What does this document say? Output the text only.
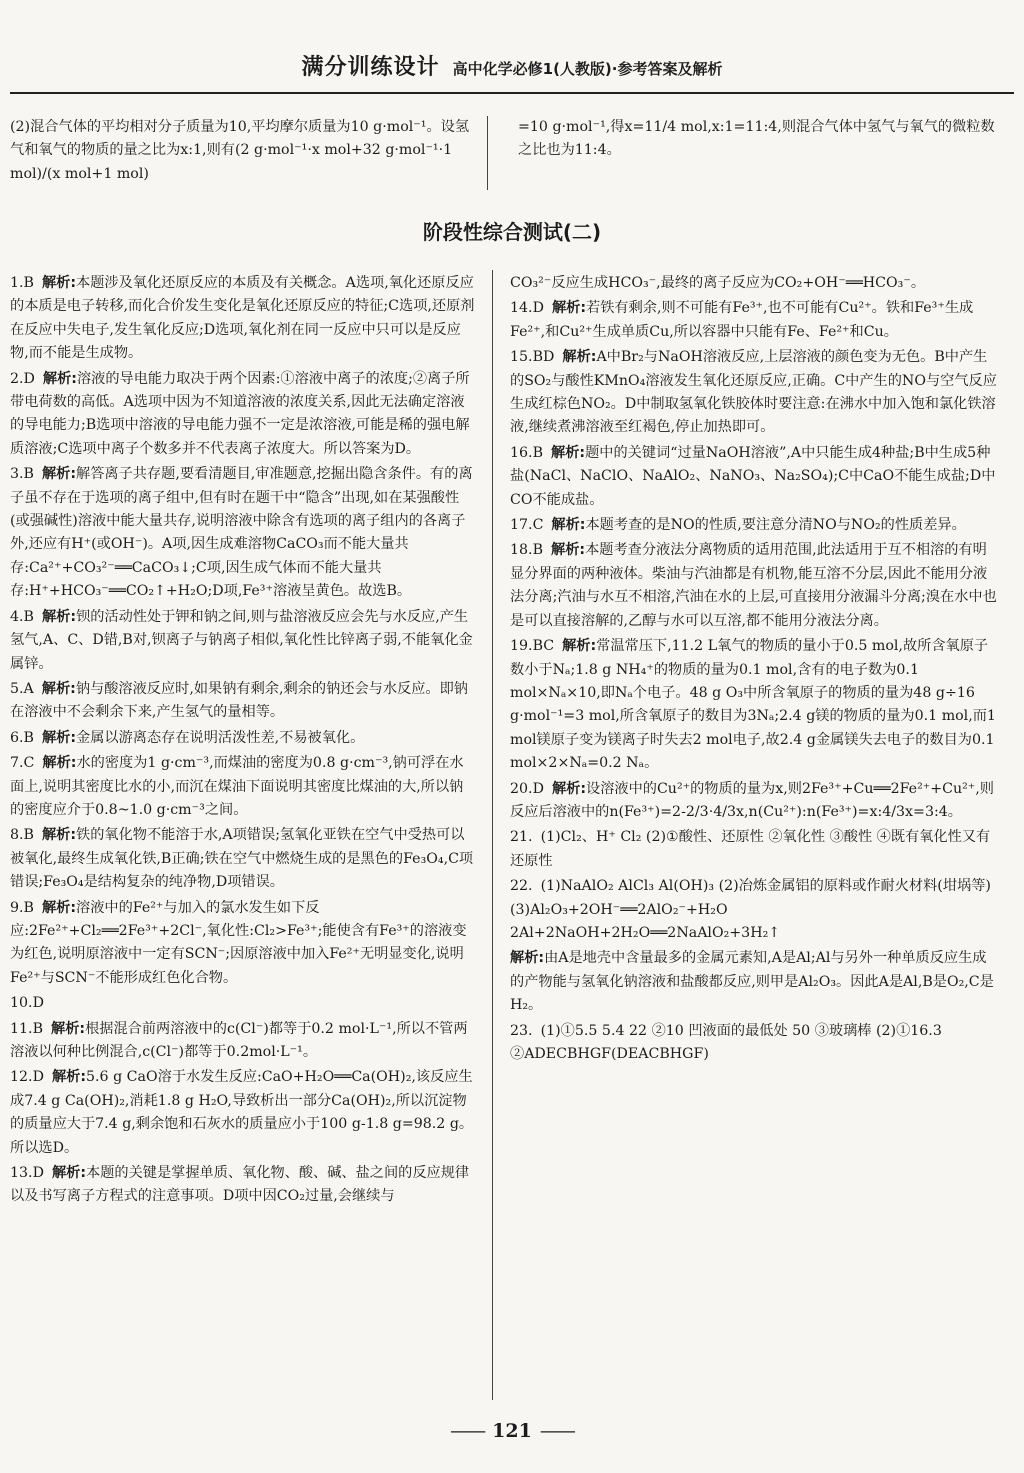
满分训练设计 高中化学必修1(人教版)·参考答案及解析

(2)混合气体的平均相对分子质量为10,平均摩尔质量为10 g·mol⁻¹。设氢气和氧气的物质的量之比为x:1,则有(2 g·mol⁻¹·x mol+32 g·mol⁻¹·1 mol)/(x mol+1 mol)

=10 g·mol⁻¹,得x=11/4 mol,x:1=11:4,则混合气体中氢气与氧气的微粒数之比也为11:4。

阶段性综合测试(二)

1.B 解析:本题涉及氧化还原反应的本质及有关概念。A选项,氧化还原反应的本质是电子转移,而化合价发生变化是氧化还原反应的特征;C选项,还原剂在反应中失电子,发生氧化反应;D选项,氧化剂在同一反应中只可以是反应物,而不能是生成物。

2.D 解析:溶液的导电能力取决于两个因素:①溶液中离子的浓度;②离子所带电荷数的高低。A选项中因为不知道溶液的浓度关系,因此无法确定溶液的导电能力;B选项中溶液的导电能力强不一定是浓溶液,可能是稀的强电解质溶液;C选项中离子个数多并不代表离子浓度大。所以答案为D。

3.B 解析:解答离子共存题,要看清题目,审准题意,挖掘出隐含条件。有的离子虽不存在于选项的离子组中,但有时在题干中“隐含”出现,如在某强酸性(或强碱性)溶液中能大量共存,说明溶液中除含有选项的离子组内的各离子外,还应有H⁺(或OH⁻)。A项,因生成难溶物CaCO₃而不能大量共存:Ca²⁺+CO₃²⁻══CaCO₃↓;C项,因生成气体而不能大量共存:H⁺+HCO₃⁻══CO₂↑+H₂O;D项,Fe³⁺溶液呈黄色。故选B。

4.B 解析:钡的活动性处于钾和钠之间,则与盐溶液反应会先与水反应,产生氢气,A、C、D错,B对,钡离子与钠离子相似,氧化性比锌离子弱,不能氧化金属锌。

5.A 解析:钠与酸溶液反应时,如果钠有剩余,剩余的钠还会与水反应。即钠在溶液中不会剩余下来,产生氢气的量相等。

6.B 解析:金属以游离态存在说明活泼性差,不易被氧化。

7.C 解析:水的密度为1 g·cm⁻³,而煤油的密度为0.8 g·cm⁻³,钠可浮在水面上,说明其密度比水的小,而沉在煤油下面说明其密度比煤油的大,所以钠的密度应介于0.8~1.0 g·cm⁻³之间。

8.B 解析:铁的氧化物不能溶于水,A项错误;氢氧化亚铁在空气中受热可以被氧化,最终生成氧化铁,B正确;铁在空气中燃烧生成的是黑色的Fe₃O₄,C项错误;Fe₃O₄是结构复杂的纯净物,D项错误。

9.B 解析:溶液中的Fe²⁺与加入的氯水发生如下反应:2Fe²⁺+Cl₂══2Fe³⁺+2Cl⁻,氧化性:Cl₂>Fe³⁺;能使含有Fe³⁺的溶液变为红色,说明原溶液中一定有SCN⁻;因原溶液中加入Fe²⁺无明显变化,说明Fe²⁺与SCN⁻不能形成红色化合物。

10.D

11.B 解析:根据混合前两溶液中的c(Cl⁻)都等于0.2 mol·L⁻¹,所以不管两溶液以何种比例混合,c(Cl⁻)都等于0.2mol·L⁻¹。

12.D 解析:5.6 g CaO溶于水发生反应:CaO+H₂O══Ca(OH)₂,该反应生成7.4 g Ca(OH)₂,消耗1.8 g H₂O,导致析出一部分Ca(OH)₂,所以沉淀物的质量应大于7.4 g,剩余饱和石灰水的质量应小于100 g-1.8 g=98.2 g。所以选D。

13.D 解析:本题的关键是掌握单质、氧化物、酸、碱、盐之间的反应规律以及书写离子方程式的注意事项。D项中因CO₂过量,会继续与

CO₃²⁻反应生成HCO₃⁻,最终的离子反应为CO₂+OH⁻══HCO₃⁻。

14.D 解析:若铁有剩余,则不可能有Fe³⁺,也不可能有Cu²⁺。铁和Fe³⁺生成Fe²⁺,和Cu²⁺生成单质Cu,所以容器中只能有Fe、Fe²⁺和Cu。

15.BD 解析:A中Br₂与NaOH溶液反应,上层溶液的颜色变为无色。B中产生的SO₂与酸性KMnO₄溶液发生氧化还原反应,正确。C中产生的NO与空气反应生成红棕色NO₂。D中制取氢氧化铁胶体时要注意:在沸水中加入饱和氯化铁溶液,继续煮沸溶液至红褐色,停止加热即可。

16.B 解析:题中的关键词“过量NaOH溶液”,A中只能生成4种盐;B中生成5种盐(NaCl、NaClO、NaAlO₂、NaNO₃、Na₂SO₄);C中CaO不能生成盐;D中CO不能成盐。

17.C 解析:本题考查的是NO的性质,要注意分清NO与NO₂的性质差异。

18.B 解析:本题考查分液法分离物质的适用范围,此法适用于互不相溶的有明显分界面的两种液体。柴油与汽油都是有机物,能互溶不分层,因此不能用分液法分离;汽油与水互不相溶,汽油在水的上层,可直接用分液漏斗分离;溴在水中也是可以直接溶解的,乙醇与水可以互溶,都不能用分液法分离。

19.BC 解析:常温常压下,11.2 L氧气的物质的量小于0.5 mol,故所含氧原子数小于Nₐ;1.8 g NH₄⁺的物质的量为0.1 mol,含有的电子数为0.1 mol×Nₐ×10,即Nₐ个电子。48 g O₃中所含氧原子的物质的量为48 g÷16 g·mol⁻¹=3 mol,所含氧原子的数目为3Nₐ;2.4 g镁的物质的量为0.1 mol,而1 mol镁原子变为镁离子时失去2 mol电子,故2.4 g金属镁失去电子的数目为0.1 mol×2×Nₐ=0.2 Nₐ。

20.D 解析:设溶液中的Cu²⁺的物质的量为x,则2Fe³⁺+Cu══2Fe²⁺+Cu²⁺,则反应后溶液中的n(Fe³⁺)=2-2/3·4/3x,n(Cu²⁺):n(Fe³⁺)=x:4/3x=3:4。

21. (1)Cl₂、H⁺ Cl₂ (2)①酸性、还原性 ②氧化性 ③酸性 ④既有氧化性又有还原性

22. (1)NaAlO₂ AlCl₃ Al(OH)₃ (2)冶炼金属铝的原料或作耐火材料(坩埚等) (3)Al₂O₃+2OH⁻══2AlO₂⁻+H₂O 2Al+2NaOH+2H₂O══2NaAlO₂+3H₂↑

解析:由A是地壳中含量最多的金属元素知,A是Al;Al与另外一种单质反应生成的产物能与氢氧化钠溶液和盐酸都反应,则甲是Al₂O₃。因此A是Al,B是O₂,C是H₂。

23. (1)①5.5 5.4 22 ②10 凹液面的最低处 50 ③玻璃棒 (2)①16.3 ②ADECBHGF(DEACBHGF)

—— 121 ——
